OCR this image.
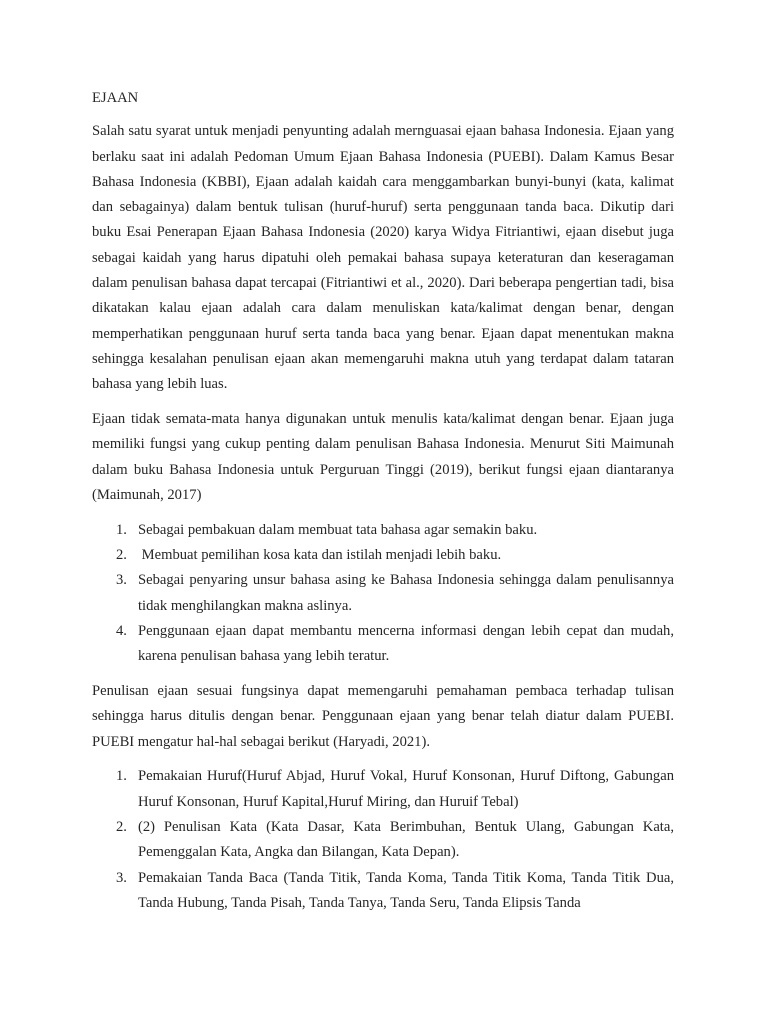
EJAAN

Salah satu syarat untuk menjadi penyunting adalah mernguasai ejaan bahasa Indonesia. Ejaan yang berlaku saat ini adalah Pedoman Umum Ejaan Bahasa Indonesia (PUEBI). Dalam Kamus Besar Bahasa Indonesia (KBBI), Ejaan adalah kaidah cara menggambarkan bunyi-bunyi (kata, kalimat dan sebagainya) dalam bentuk tulisan (huruf-huruf) serta penggunaan tanda baca. Dikutip dari buku Esai Penerapan Ejaan Bahasa Indonesia (2020) karya Widya Fitriantiwi, ejaan disebut juga sebagai kaidah yang harus dipatuhi oleh pemakai bahasa supaya keteraturan dan keseragaman dalam penulisan bahasa dapat tercapai (Fitriantiwi et al., 2020). Dari beberapa pengertian tadi, bisa dikatakan kalau ejaan adalah cara dalam menuliskan kata/kalimat dengan benar, dengan memperhatikan penggunaan huruf serta tanda baca yang benar. Ejaan dapat menentukan makna sehingga kesalahan penulisan ejaan akan memengaruhi makna utuh yang terdapat dalam tataran bahasa yang lebih luas.

Ejaan tidak semata-mata hanya digunakan untuk menulis kata/kalimat dengan benar. Ejaan juga memiliki fungsi yang cukup penting dalam penulisan Bahasa Indonesia. Menurut Siti Maimunah dalam buku Bahasa Indonesia untuk Perguruan Tinggi (2019), berikut fungsi ejaan diantaranya (Maimunah, 2017)

1. Sebagai pembakuan dalam membuat tata bahasa agar semakin baku.
2. Membuat pemilihan kosa kata dan istilah menjadi lebih baku.
3. Sebagai penyaring unsur bahasa asing ke Bahasa Indonesia sehingga dalam penulisannya tidak menghilangkan makna aslinya.
4. Penggunaan ejaan dapat membantu mencerna informasi dengan lebih cepat dan mudah, karena penulisan bahasa yang lebih teratur.

Penulisan ejaan sesuai fungsinya dapat memengaruhi pemahaman pembaca terhadap tulisan sehingga harus ditulis dengan benar. Penggunaan ejaan yang benar telah diatur dalam PUEBI. PUEBI mengatur hal-hal sebagai berikut (Haryadi, 2021).

1. Pemakaian Huruf(Huruf Abjad, Huruf Vokal, Huruf Konsonan, Huruf Diftong, Gabungan Huruf Konsonan, Huruf Kapital,Huruf Miring, dan Huruif Tebal)
2. (2) Penulisan Kata (Kata Dasar, Kata Berimbuhan, Bentuk Ulang, Gabungan Kata, Pemenggalan Kata, Angka dan Bilangan, Kata Depan).
3. Pemakaian Tanda Baca (Tanda Titik, Tanda Koma, Tanda Titik Koma, Tanda Titik Dua, Tanda Hubung, Tanda Pisah, Tanda Tanya, Tanda Seru, Tanda Elipsis Tanda
